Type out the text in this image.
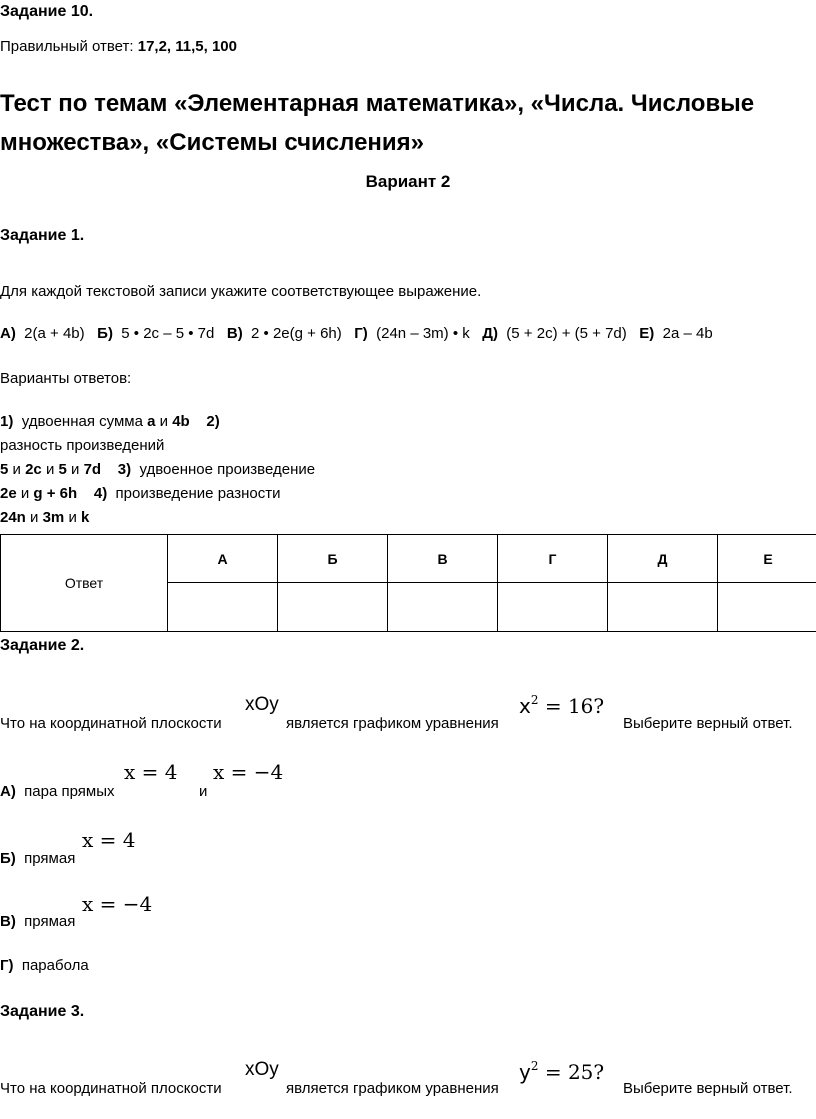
Задание 10.
Правильный ответ: 17,2, 11,5, 100
Тест по темам «Элементарная математика», «Числа. Числовые
множества», «Системы счисления»
Вариант 2
Задание 1.
Для каждой текстовой записи укажите соответствующее выражение.
А) 2(a + 4b) Б) 5 • 2c – 5 • 7d В) 2 • 2e(g + 6h) Г) (24n – 3m) • k Д) (5 + 2c) + (5 + 7d) Е) 2a – 4b
Варианты ответов:
1) удвоенная сумма a и 4b 2)
разность произведений
5 и 2c и 5 и 7d 3) удвоенное произведение
2e и g + 6h 4) произведение разности
24n и 3m и k
Ответ	А	Б	В	Г	Д	Е

Задание 2.
Что на координатной плоскости
xOy
является графиком уравнения
$x^2 = 16$?
Выберите верный ответ.
А) пара прямых
x = 4
и
x = −4
Б) прямая
x = 4
В) прямая
x = −4
Г) парабола
Задание 3.
Что на координатной плоскости
xOy
является графиком уравнения
$y^2 = 25$?
Выберите верный ответ.
